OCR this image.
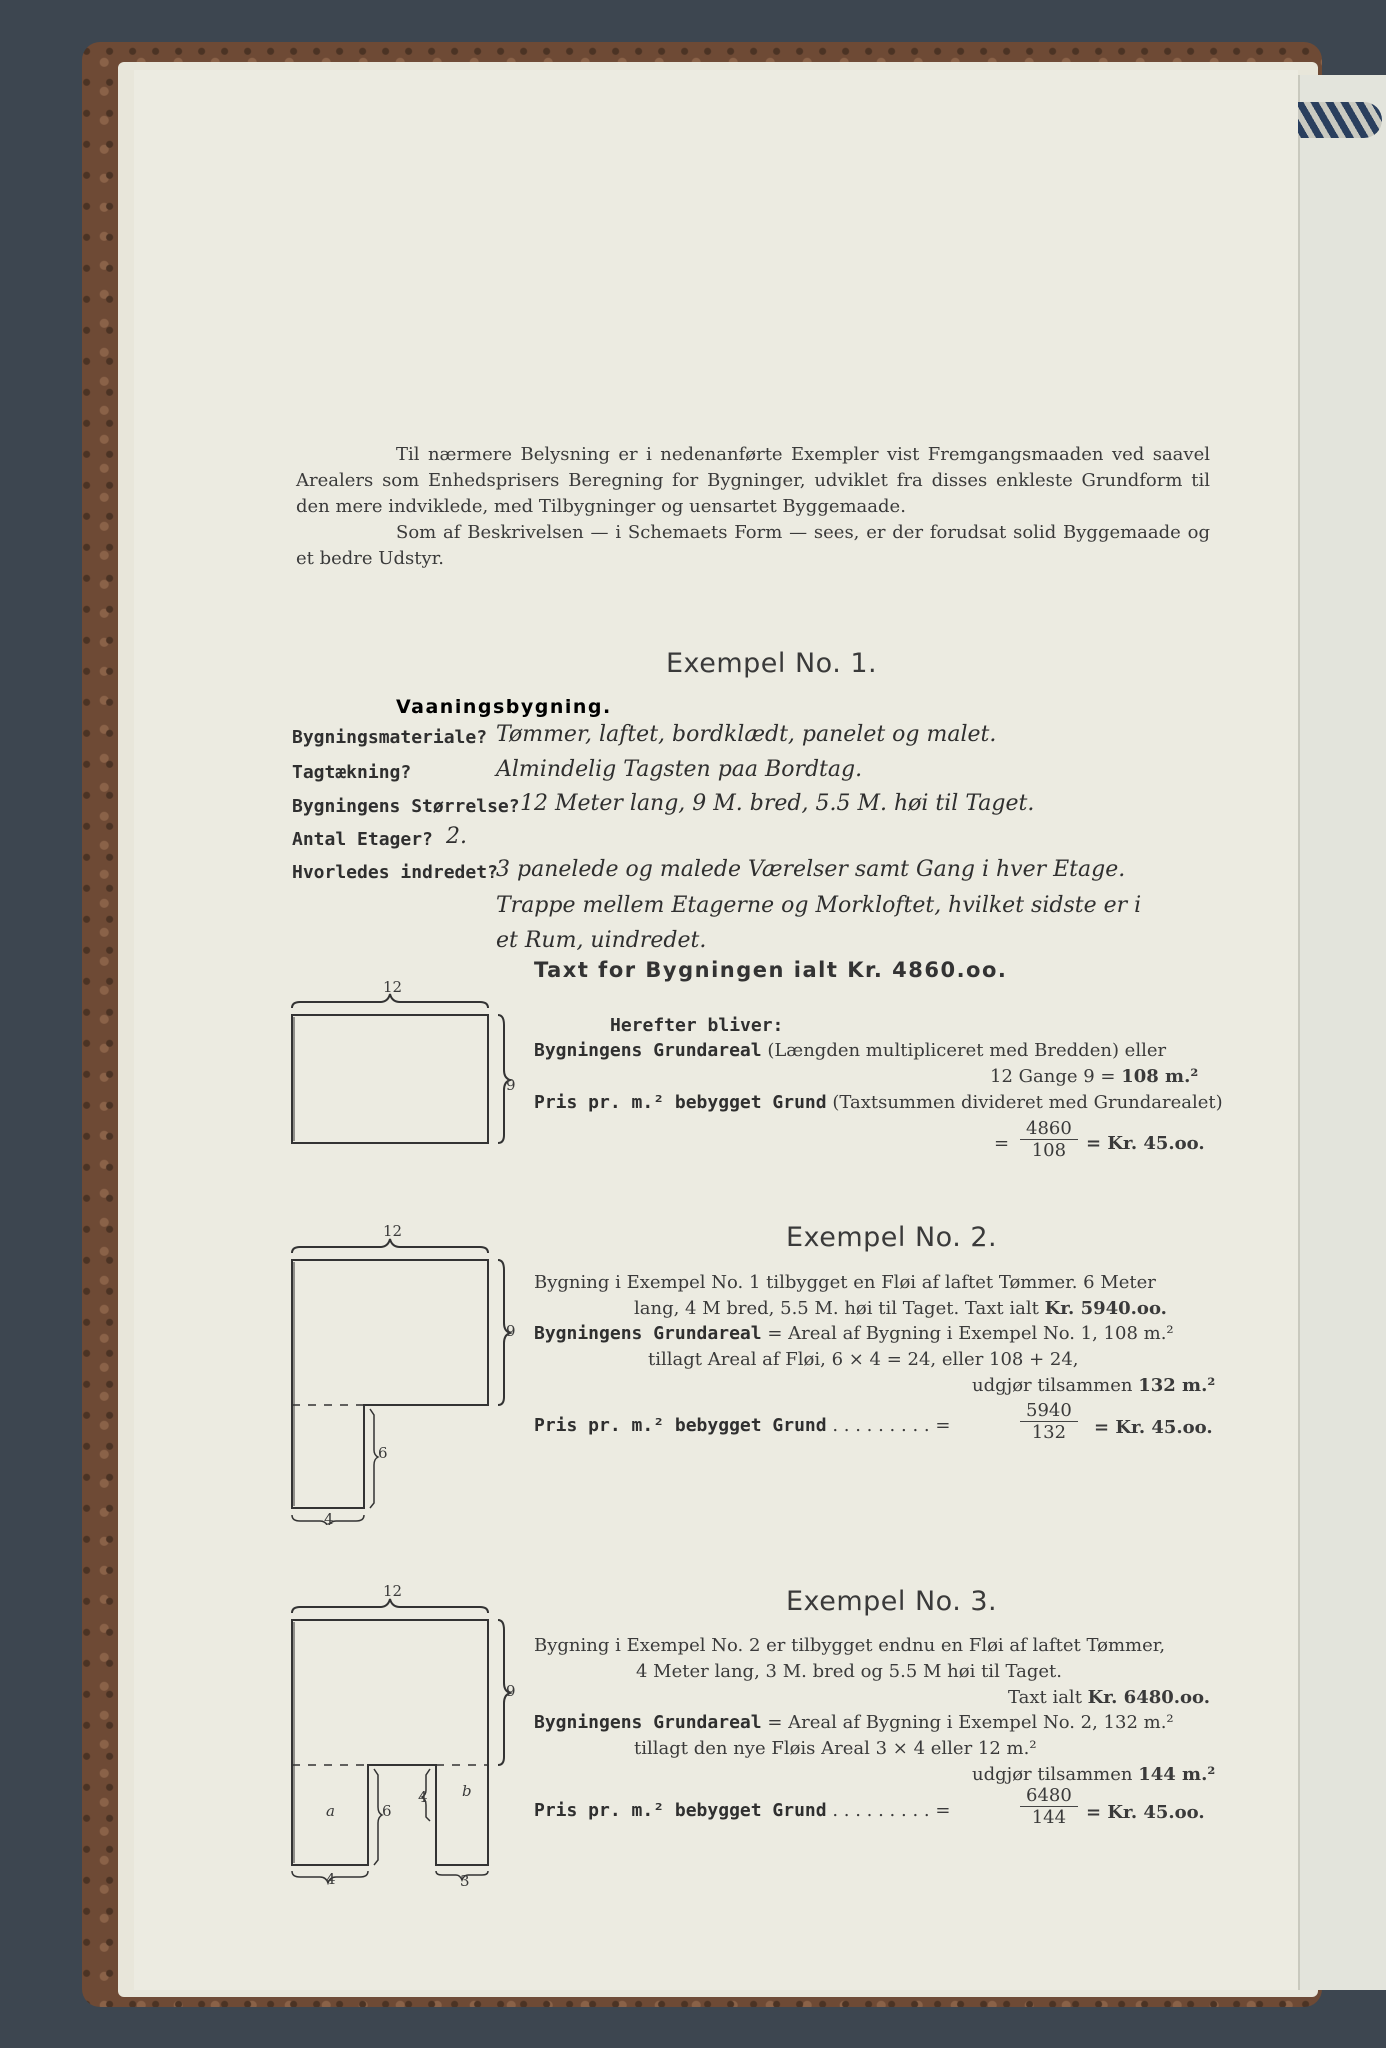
Til nærmere Belysning er i nedenanførte Exempler vist Fremgangsmaaden ved saavel Arealers som Enhedsprisers Beregning for Bygninger, udviklet fra disses enkleste Grundform til den mere indviklede, med Tilbygninger og uensartet Byggemaade.

Som af Beskrivelsen — i Schemaets Form — sees, er der forudsat solid Byggemaade og et bedre Udstyr.

Exempel No. 1.
Vaaningsbygning.
Bygningsmateriale? Tømmer, laftet, bordklædt, panelet og malet.
Tagtækning?	Almindelig Tagsten paa Bordtag.
Bygningens Størrelse? 12 Meter lang, 9 M. bred, 5.5 M. høi til Taget.
Antal Etager? 2.
Hvorledes indredet?
3 panelede og malede Værelser samt Gang i hver Etage.
Trappe mellem Etagerne og Morkloftet, hvilket sidste er i
et Rum, uindredet.
Taxt for Bygningen ialt Kr. 4860.oo.
Herefter bliver:
Bygningens Grundareal (Længden multipliceret med Bredden) eller
12 Gange 9 = 108 m.²
Pris pr. m.² bebygget Grund (Taxtsummen divideret med Grundarealet)
= $\frac{4860}{108} = Kr$. 45.oo.
12
9
Exempel No. 2.
Bygning i Exempel No. 1 tilbygget en Fløi af laftet Tømmer. 6 Meter
lang, 4 M bred, 5.5 M. høi til Taget. Taxt ialt Kr. 5940.oo.
Bygningens Grundareal = Areal af Bygning i Exempel No. 1, 108 m.²
tillagt Areal af Fløi, 6 × 4 = 24, eller 108 + 24,
udgjør tilsammen 132 m.²
Pris pr. m.² bebygget Grund . . . . . . . . . =	$\frac{5940}{132} = Kr$. 45.oo.
12
9
6
4
Exempel No. 3.
Bygning i Exempel No. 2 er tilbygget endnu en Fløi af laftet Tømmer,
4 Meter lang, 3 M. bred og 5.5 M høi til Taget.
Taxt ialt Kr. 6480.oo.
Bygningens Grundareal = Areal af Bygning i Exempel No. 2, 132 m.²
tillagt den nye Fløis Areal 3 × 4 eller 12 m.²
udgjør tilsammen 144 m.²
Pris pr. m.² bebygget Grund . . . . . . . . . =	$\frac{6480}{144} = Kr$. 45.oo.
12
9
6
4
4	3
a
b
